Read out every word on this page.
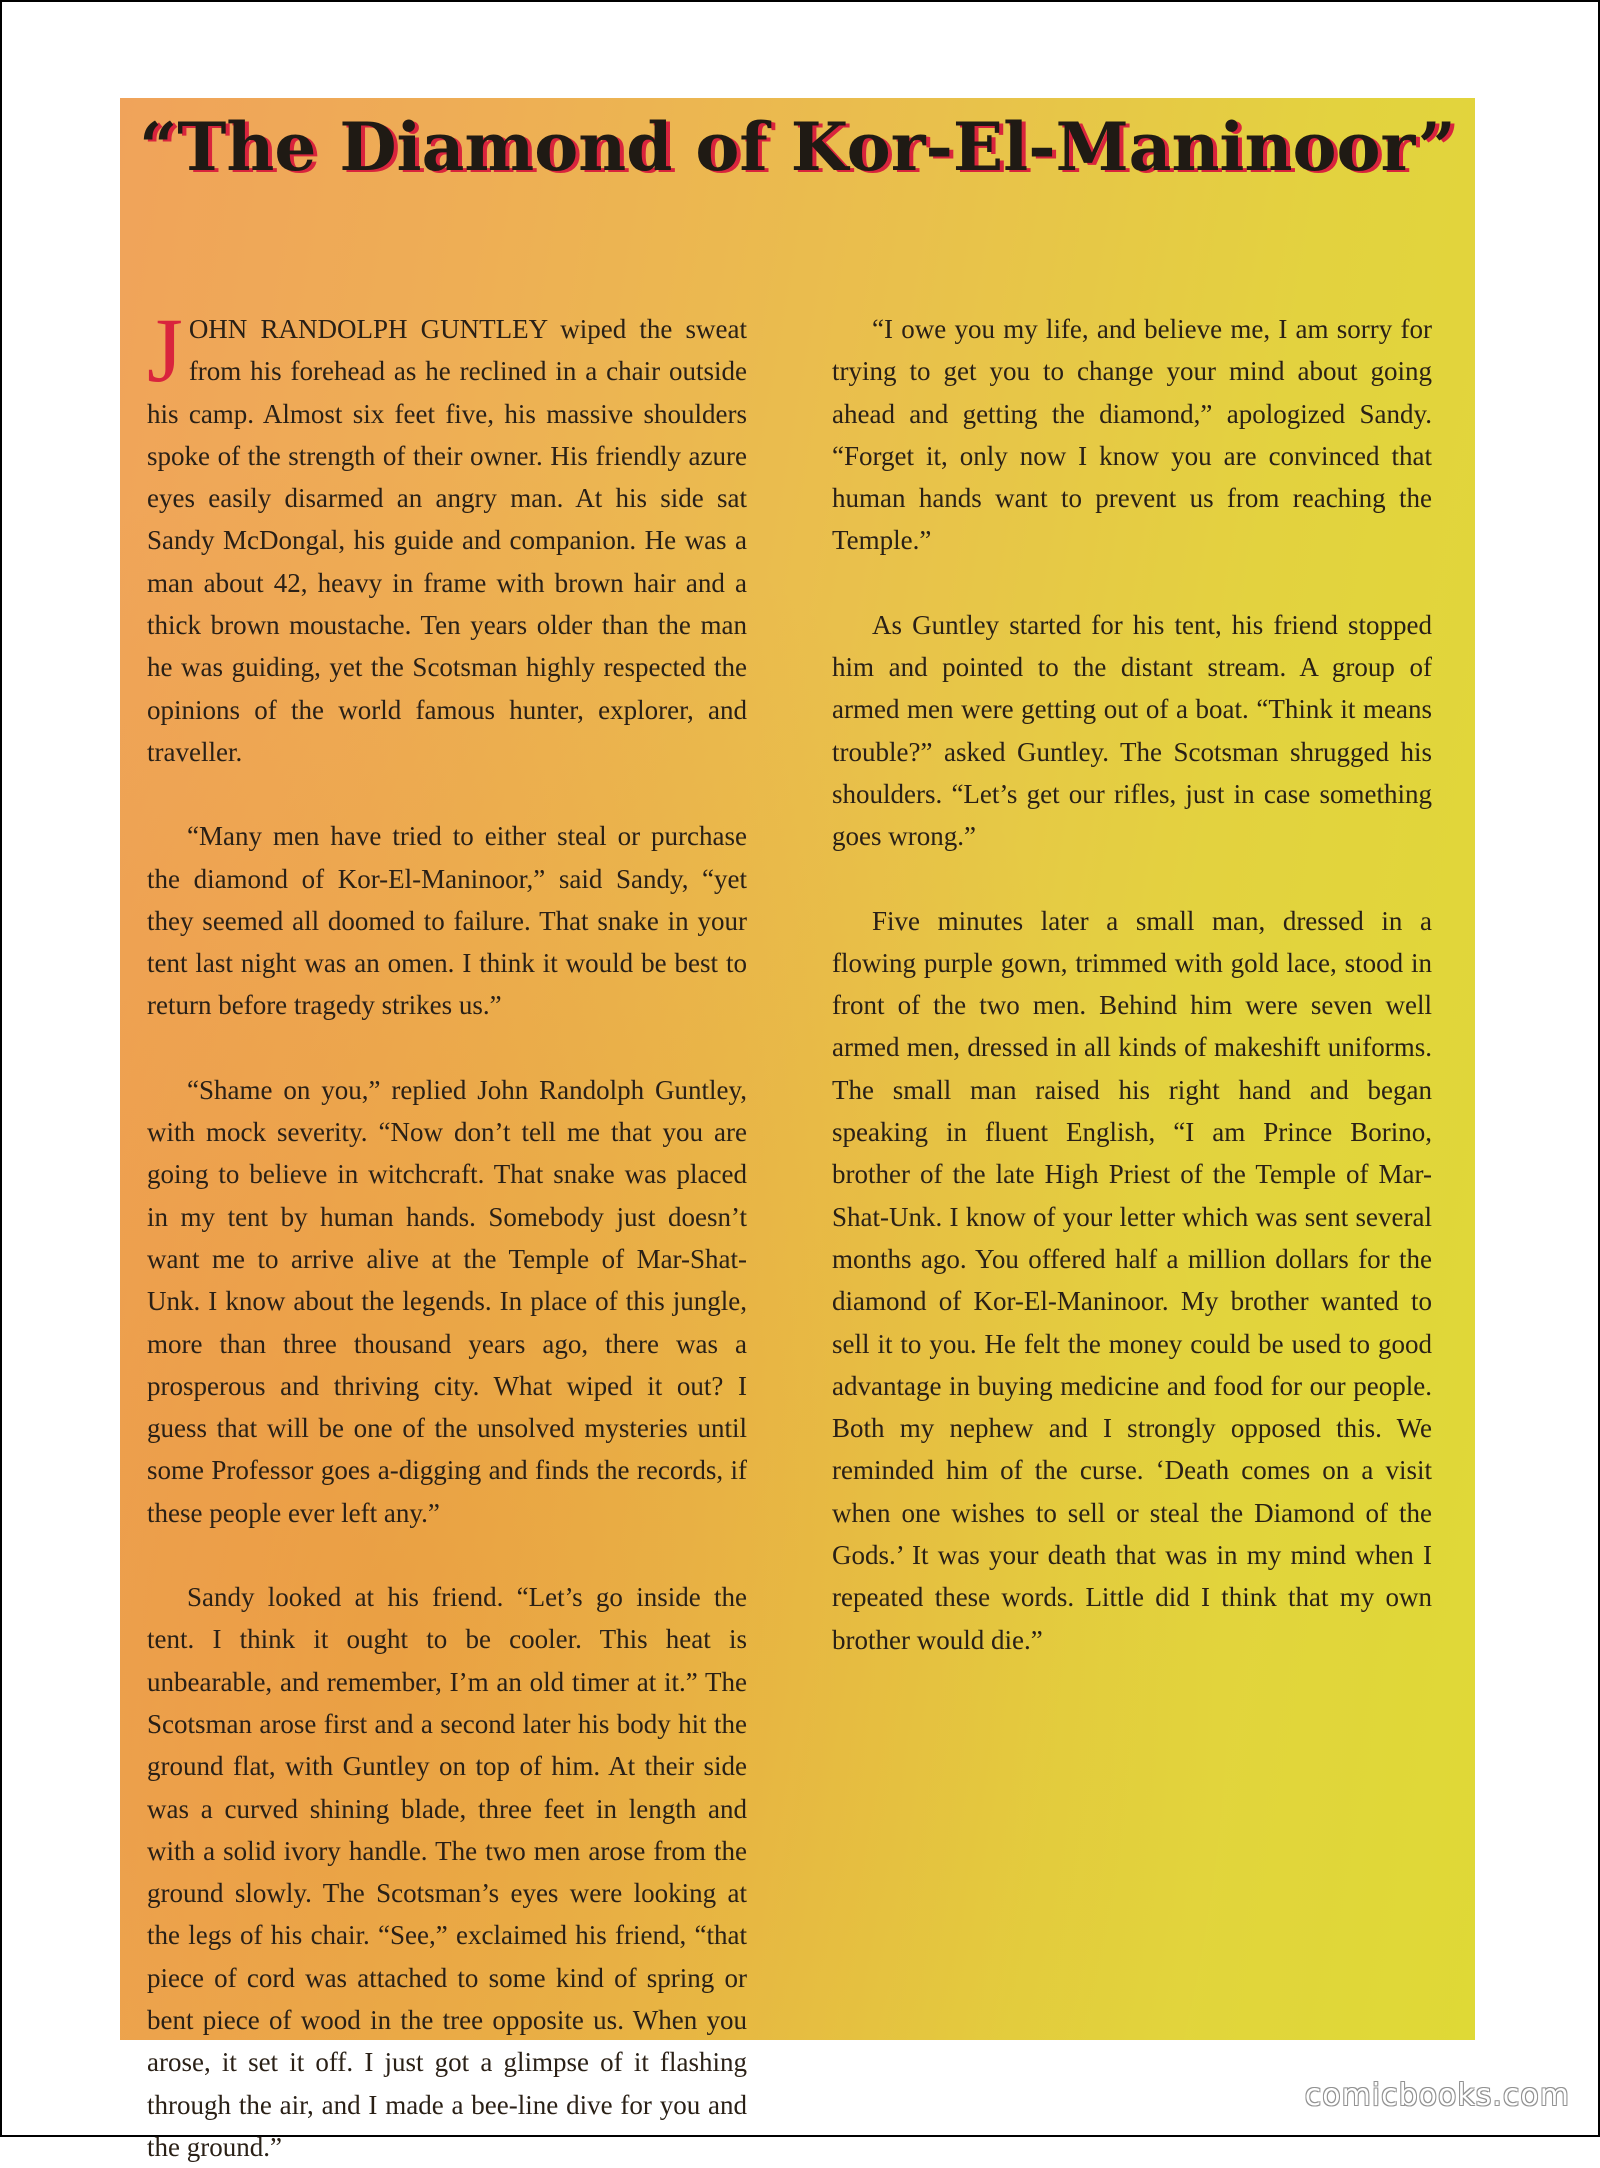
“The Diamond of Kor-El-Maninoor”

JOHN RANDOLPH GUNTLEY wiped the sweat from his forehead as he reclined in a chair outside his camp. Almost six feet five, his massive shoulders spoke of the strength of their owner. His friendly azure eyes easily disarmed an angry man. At his side sat Sandy McDongal, his guide and companion. He was a man about 42, heavy in frame with brown hair and a thick brown moustache. Ten years older than the man he was guiding, yet the Scotsman highly respected the opinions of the world famous hunter, explorer, and traveller.

“Many men have tried to either steal or purchase the diamond of Kor-El-Maninoor,” said Sandy, “yet they seemed all doomed to failure. That snake in your tent last night was an omen. I think it would be best to return before tragedy strikes us.”

“Shame on you,” replied John Randolph Guntley, with mock severity. “Now don’t tell me that you are going to believe in witchcraft. That snake was placed in my tent by human hands. Somebody just doesn’t want me to arrive alive at the Temple of Mar-Shat-Unk. I know about the legends. In place of this jungle, more than three thousand years ago, there was a prosperous and thriving city. What wiped it out? I guess that will be one of the unsolved mysteries until some Professor goes a-digging and finds the records, if these people ever left any.”

Sandy looked at his friend. “Let’s go inside the tent. I think it ought to be cooler. This heat is unbearable, and remember, I’m an old timer at it.” The Scotsman arose first and a second later his body hit the ground flat, with Guntley on top of him. At their side was a curved shining blade, three feet in length and with a solid ivory handle. The two men arose from the ground slowly. The Scotsman’s eyes were looking at the legs of his chair. “See,” exclaimed his friend, “that piece of cord was attached to some kind of spring or bent piece of wood in the tree opposite us. When you arose, it set it off. I just got a glimpse of it flashing through the air, and I made a bee-line dive for you and the ground.”

“I owe you my life, and believe me, I am sorry for trying to get you to change your mind about going ahead and getting the diamond,” apologized Sandy. “Forget it, only now I know you are convinced that human hands want to prevent us from reaching the Temple.”

As Guntley started for his tent, his friend stopped him and pointed to the distant stream. A group of armed men were getting out of a boat. “Think it means trouble?” asked Guntley. The Scotsman shrugged his shoulders. “Let’s get our rifles, just in case something goes wrong.”

Five minutes later a small man, dressed in a flowing purple gown, trimmed with gold lace, stood in front of the two men. Behind him were seven well armed men, dressed in all kinds of makeshift uniforms. The small man raised his right hand and began speaking in fluent English, “I am Prince Borino, brother of the late High Priest of the Temple of Mar-Shat-Unk. I know of your letter which was sent several months ago. You offered half a million dollars for the diamond of Kor-El-Maninoor. My brother wanted to sell it to you. He felt the money could be used to good advantage in buying medicine and food for our people. Both my nephew and I strongly opposed this. We reminded him of the curse. ‘Death comes on a visit when one wishes to sell or steal the Diamond of the Gods.’ It was your death that was in my mind when I repeated these words. Little did I think that my own brother would die.”

comicbooks.com
